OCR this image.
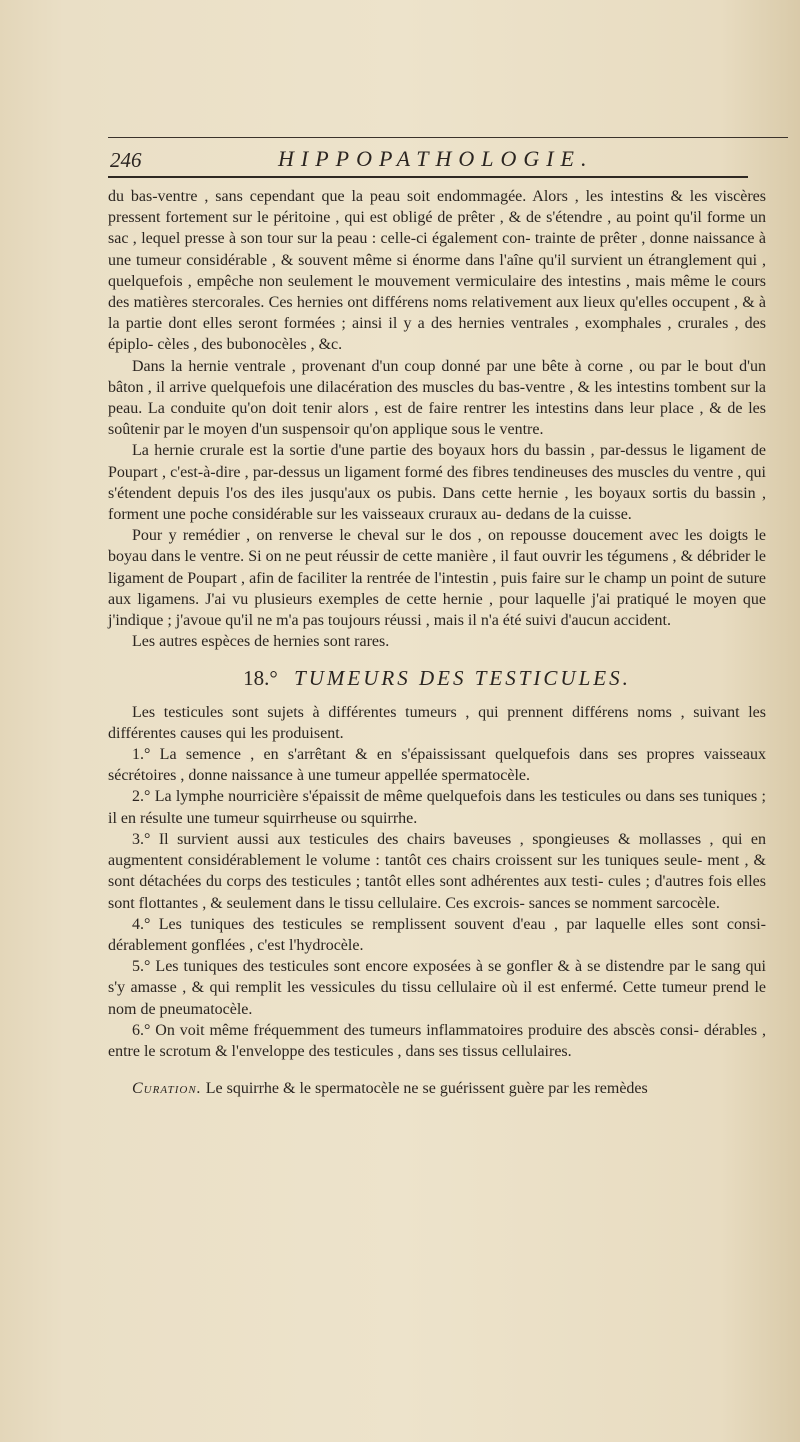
246	HIPPOPATHOLOGIE.

du bas-ventre , sans cependant que la peau soit endommagée. Alors , les intestins & les viscères pressent fortement sur le péritoine , qui est obligé de prêter , & de s'étendre , au point qu'il forme un sac , lequel presse à son tour sur la peau : celle-ci également con- trainte de prêter , donne naissance à une tumeur considérable , & souvent même si énorme dans l'aîne qu'il survient un étranglement qui , quelquefois , empêche non seulement le mouvement vermiculaire des intestins , mais même le cours des matières stercorales. Ces hernies ont différens noms relativement aux lieux qu'elles occupent , & à la partie dont elles seront formées ; ainsi il y a des hernies ventrales , exomphales , crurales , des épiplo- cèles , des bubonocèles , &c.

Dans la hernie ventrale , provenant d'un coup donné par une bête à corne , ou par le bout d'un bâton , il arrive quelquefois une dilacération des muscles du bas-ventre , & les intestins tombent sur la peau. La conduite qu'on doit tenir alors , est de faire rentrer les intestins dans leur place , & de les soûtenir par le moyen d'un suspensoir qu'on applique sous le ventre.

La hernie crurale est la sortie d'une partie des boyaux hors du bassin , par-dessus le ligament de Poupart , c'est-à-dire , par-dessus un ligament formé des fibres tendineuses des muscles du ventre , qui s'étendent depuis l'os des iles jusqu'aux os pubis. Dans cette hernie , les boyaux sortis du bassin , forment une poche considérable sur les vaisseaux cruraux au- dedans de la cuisse.

Pour y remédier , on renverse le cheval sur le dos , on repousse doucement avec les doigts le boyau dans le ventre. Si on ne peut réussir de cette manière , il faut ouvrir les tégumens , & débrider le ligament de Poupart , afin de faciliter la rentrée de l'intestin , puis faire sur le champ un point de suture aux ligamens. J'ai vu plusieurs exemples de cette hernie , pour laquelle j'ai pratiqué le moyen que j'indique ; j'avoue qu'il ne m'a pas toujours réussi , mais il n'a été suivi d'aucun accident.

Les autres espèces de hernies sont rares.

18.° TUMEURS DES TESTICULES.

Les testicules sont sujets à différentes tumeurs , qui prennent différens noms , suivant les différentes causes qui les produisent.

1.° La semence , en s'arrêtant & en s'épaississant quelquefois dans ses propres vaisseaux sécrétoires , donne naissance à une tumeur appellée spermatocèle.

2.° La lymphe nourricière s'épaissit de même quelquefois dans les testicules ou dans ses tuniques ; il en résulte une tumeur squirrheuse ou squirrhe.

3.° Il survient aussi aux testicules des chairs baveuses , spongieuses & mollasses , qui en augmentent considérablement le volume : tantôt ces chairs croissent sur les tuniques seule- ment , & sont détachées du corps des testicules ; tantôt elles sont adhérentes aux testi- cules ; d'autres fois elles sont flottantes , & seulement dans le tissu cellulaire. Ces excrois- sances se nomment sarcocèle.

4.° Les tuniques des testicules se remplissent souvent d'eau , par laquelle elles sont consi- dérablement gonflées , c'est l'hydrocèle.

5.° Les tuniques des testicules sont encore exposées à se gonfler & à se distendre par le sang qui s'y amasse , & qui remplit les vessicules du tissu cellulaire où il est enfermé. Cette tumeur prend le nom de pneumatocèle.

6.° On voit même fréquemment des tumeurs inflammatoires produire des abscès consi- dérables , entre le scrotum & l'enveloppe des testicules , dans ses tissus cellulaires.

Curation. Le squirrhe & le spermatocèle ne se guérissent guère par les remèdes
